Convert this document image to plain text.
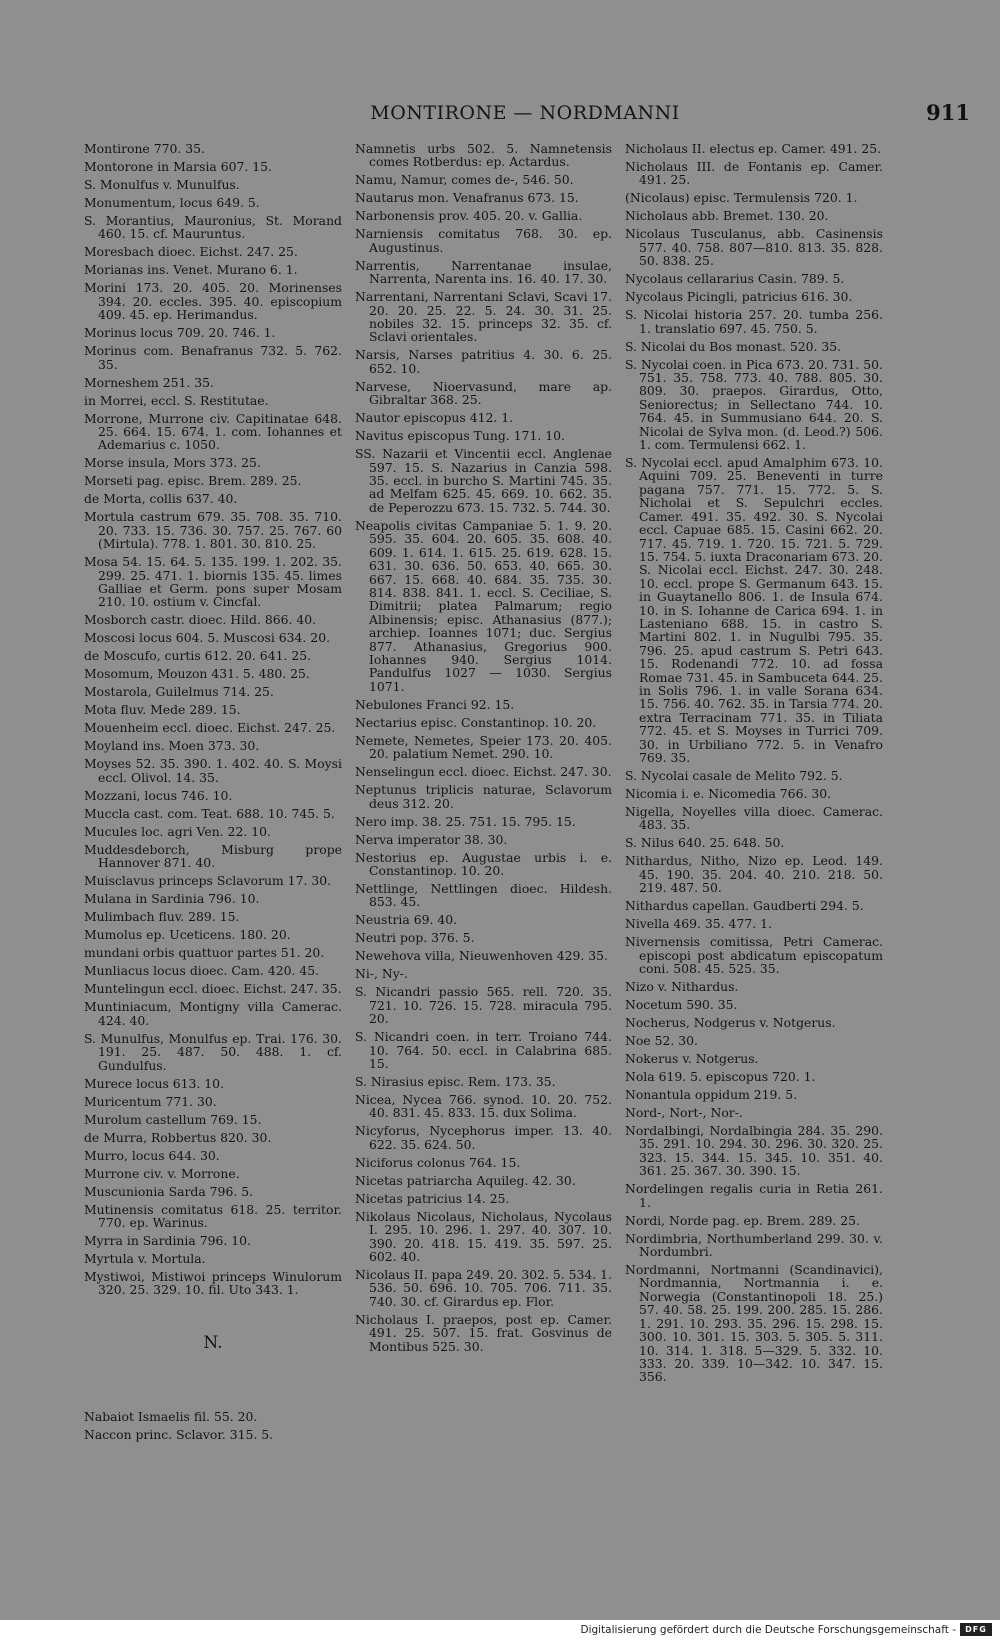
MONTIRONE — NORDMANNI	911
Montirone 770. 35.
Montorone in Marsia 607. 15.
S. Monulfus v. Munulfus.
Monumentum, locus 649. 5.
S. Morantius, Mauronius, St. Morand 460. 15. cf. Mauruntus.
Moresbach dioec. Eichst. 247. 25.
Morianas ins. Venet. Murano 6. 1.
Morini 173. 20. 405. 20. Morinenses 394. 20. eccles. 395. 40. episcopium 409. 45. ep. Herimandus.
Morinus locus 709. 20. 746. 1.
Morinus com. Benafranus 732. 5. 762. 35.
Morneshem 251. 35.
in Morrei, eccl. S. Restitutae.
Morrone, Murrone civ. Capitinatae 648. 25. 664. 15. 674. 1. com. Iohannes et Ademarius c. 1050.
Morse insula, Mors 373. 25.
Morseti pag. episc. Brem. 289. 25.
de Morta, collis 637. 40.
Mortula castrum 679. 35. 708. 35. 710. 20. 733. 15. 736. 30. 757. 25. 767. 60 (Mirtula). 778. 1. 801. 30. 810. 25.
Mosa 54. 15. 64. 5. 135. 199. 1. 202. 35. 299. 25. 471. 1. biornis 135. 45. limes Galliae et Germ. pons super Mosam 210. 10. ostium v. Cincfal.
Mosborch castr. dioec. Hild. 866. 40.
Moscosi locus 604. 5. Muscosi 634. 20.
de Moscufo, curtis 612. 20. 641. 25.
Mosomum, Mouzon 431. 5. 480. 25.
Mostarola, Guilelmus 714. 25.
Mota fluv. Mede 289. 15.
Mouenheim eccl. dioec. Eichst. 247. 25.
Moyland ins. Moen 373. 30.
Moyses 52. 35. 390. 1. 402. 40. S. Moysi eccl. Olivol. 14. 35.
Mozzani, locus 746. 10.
Muccla cast. com. Teat. 688. 10. 745. 5.
Mucules loc. agri Ven. 22. 10.
Muddesdeborch, Misburg prope Hannover 871. 40.
Muisclavus princeps Sclavorum 17. 30.
Mulana in Sardinia 796. 10.
Mulimbach fluv. 289. 15.
Mumolus ep. Uceticens. 180. 20.
mundani orbis quattuor partes 51. 20.
Munliacus locus dioec. Cam. 420. 45.
Muntelingun eccl. dioec. Eichst. 247. 35.
Muntiniacum, Montigny villa Camerac. 424. 40.
S. Munulfus, Monulfus ep. Trai. 176. 30. 191. 25. 487. 50. 488. 1. cf. Gundulfus.
Murece locus 613. 10.
Muricentum 771. 30.
Murolum castellum 769. 15.
de Murra, Robbertus 820. 30.
Murro, locus 644. 30.
Murrone civ. v. Morrone.
Muscunionia Sarda 796. 5.
Mutinensis comitatus 618. 25. territor. 770. ep. Warinus.
Myrra in Sardinia 796. 10.
Myrtula v. Mortula.
Mystiwoi, Mistiwoi princeps Winulorum 320. 25. 329. 10. fil. Uto 343. 1.
N.
Nabaiot Ismaelis fil. 55. 20.
Naccon princ. Sclavor. 315. 5.
Namnetis urbs 502. 5. Namnetensis comes Rotberdus: ep. Actardus.
Namu, Namur, comes de-, 546. 50.
Nautarus mon. Venafranus 673. 15.
Narbonensis prov. 405. 20. v. Gallia.
Narniensis comitatus 768. 30. ep. Augustinus.
Narrentis, Narrentanae insulae, Narrenta, Narenta ins. 16. 40. 17. 30.
Narrentani, Narrentani Sclavi, Scavi 17. 20. 20. 25. 22. 5. 24. 30. 31. 25. nobiles 32. 15. princeps 32. 35. cf. Sclavi orientales.
Narsis, Narses patritius 4. 30. 6. 25. 652. 10.
Narvese, Nioervasund, mare ap. Gibraltar 368. 25.
Nautor episcopus 412. 1.
Navitus episcopus Tung. 171. 10.
SS. Nazarii et Vincentii eccl. Anglenae 597. 15. S. Nazarius in Canzia 598. 35. eccl. in burcho S. Martini 745. 35. ad Melfam 625. 45. 669. 10. 662. 35. de Peperozzu 673. 15. 732. 5. 744. 30.
Neapolis civitas Campaniae 5. 1. 9. 20. 595. 35. 604. 20. 605. 35. 608. 40. 609. 1. 614. 1. 615. 25. 619. 628. 15. 631. 30. 636. 50. 653. 40. 665. 30. 667. 15. 668. 40. 684. 35. 735. 30. 814. 838. 841. 1. eccl. S. Ceciliae, S. Dimitrii; platea Palmarum; regio Albinensis; episc. Athanasius (877.); archiep. Ioannes 1071; duc. Sergius 877. Athanasius, Gregorius 900. Iohannes 940. Sergius 1014. Pandulfus 1027 — 1030. Sergius 1071.
Nebulones Franci 92. 15.
Nectarius episc. Constantinop. 10. 20.
Nemete, Nemetes, Speier 173. 20. 405. 20. palatium Nemet. 290. 10.
Nenselingun eccl. dioec. Eichst. 247. 30.
Neptunus triplicis naturae, Sclavorum deus 312. 20.
Nero imp. 38. 25. 751. 15. 795. 15.
Nerva imperator 38. 30.
Nestorius ep. Augustae urbis i. e. Constantinop. 10. 20.
Nettlinge, Nettlingen dioec. Hildesh. 853. 45.
Neustria 69. 40.
Neutri pop. 376. 5.
Newehova villa, Nieuwenhoven 429. 35.
Ni-, Ny-.
S. Nicandri passio 565. rell. 720. 35. 721. 10. 726. 15. 728. miracula 795. 20.
S. Nicandri coen. in terr. Troiano 744. 10. 764. 50. eccl. in Calabrina 685. 15.
S. Nirasius episc. Rem. 173. 35.
Nicea, Nycea 766. synod. 10. 20. 752. 40. 831. 45. 833. 15. dux Solima.
Nicyforus, Nycephorus imper. 13. 40. 622. 35. 624. 50.
Niciforus colonus 764. 15.
Nicetas patriarcha Aquileg. 42. 30.
Nicetas patricius 14. 25.
Nikolaus Nicolaus, Nicholaus, Nycolaus I. 295. 10. 296. 1. 297. 40. 307. 10. 390. 20. 418. 15. 419. 35. 597. 25. 602. 40.
Nicolaus II. papa 249. 20. 302. 5. 534. 1. 536. 50. 696. 10. 705. 706. 711. 35. 740. 30. cf. Girardus ep. Flor.
Nicholaus I. praepos, post ep. Camer. 491. 25. 507. 15. frat. Gosvinus de Montibus 525. 30.
Nicholaus II. electus ep. Camer. 491. 25.
Nicholaus III. de Fontanis ep. Camer. 491. 25.
(Nicolaus) episc. Termulensis 720. 1.
Nicholaus abb. Bremet. 130. 20.
Nicolaus Tusculanus, abb. Casinensis 577. 40. 758. 807—810. 813. 35. 828. 50. 838. 25.
Nycolaus cellararius Casin. 789. 5.
Nycolaus Picingli, patricius 616. 30.
S. Nicolai historia 257. 20. tumba 256. 1. translatio 697. 45. 750. 5.
S. Nicolai du Bos monast. 520. 35.
S. Nycolai coen. in Pica 673. 20. 731. 50. 751. 35. 758. 773. 40. 788. 805. 30. 809. 30. praepos. Girardus, Otto, Seniorectus; in Sellectano 744. 10. 764. 45. in Summusiano 644. 20. S. Nicolai de Sylva mon. (d. Leod.?) 506. 1. com. Termulensi 662. 1.
S. Nycolai eccl. apud Amalphim 673. 10. Aquini 709. 25. Beneventi in turre pagana 757. 771. 15. 772. 5. S. Nicholai et S. Sepulchri eccles. Camer. 491. 35. 492. 30. S. Nycolai eccl. Capuae 685. 15. Casini 662. 20. 717. 45. 719. 1. 720. 15. 721. 5. 729. 15. 754. 5. iuxta Draconariam 673. 20. S. Nicolai eccl. Eichst. 247. 30. 248. 10. eccl. prope S. Germanum 643. 15. in Guaytanello 806. 1. de Insula 674. 10. in S. Iohanne de Carica 694. 1. in Lasteniano 688. 15. in castro S. Martini 802. 1. in Nugulbi 795. 35. 796. 25. apud castrum S. Petri 643. 15. Rodenandi 772. 10. ad fossa Romae 731. 45. in Sambuceta 644. 25. in Solis 796. 1. in valle Sorana 634. 15. 756. 40. 762. 35. in Tarsia 774. 20. extra Terracinam 771. 35. in Tiliata 772. 45. et S. Moyses in Turrici 709. 30. in Urbiliano 772. 5. in Venafro 769. 35.
S. Nycolai casale de Melito 792. 5.
Nicomia i. e. Nicomedia 766. 30.
Nigella, Noyelles villa dioec. Camerac. 483. 35.
S. Nilus 640. 25. 648. 50.
Nithardus, Nitho, Nizo ep. Leod. 149. 45. 190. 35. 204. 40. 210. 218. 50. 219. 487. 50.
Nithardus capellan. Gaudberti 294. 5.
Nivella 469. 35. 477. 1.
Nivernensis comitissa, Petri Camerac. episcopi post abdicatum episcopatum coni. 508. 45. 525. 35.
Nizo v. Nithardus.
Nocetum 590. 35.
Nocherus, Nodgerus v. Notgerus.
Noe 52. 30.
Nokerus v. Notgerus.
Nola 619. 5. episcopus 720. 1.
Nonantula oppidum 219. 5.
Nord-, Nort-, Nor-.
Nordalbingi, Nordalbingia 284. 35. 290. 35. 291. 10. 294. 30. 296. 30. 320. 25. 323. 15. 344. 15. 345. 10. 351. 40. 361. 25. 367. 30. 390. 15.
Nordelingen regalis curia in Retia 261. 1.
Nordi, Norde pag. ep. Brem. 289. 25.
Nordimbria, Northumberland 299. 30. v. Nordumbri.
Nordmanni, Nortmanni (Scandinavici), Nordmannia, Nortmannia i. e. Norwegia (Constantinopoli 18. 25.) 57. 40. 58. 25. 199. 200. 285. 15. 286. 1. 291. 10. 293. 35. 296. 15. 298. 15. 300. 10. 301. 15. 303. 5. 305. 5. 311. 10. 314. 1. 318. 5—329. 5. 332. 10. 333. 20. 339. 10—342. 10. 347. 15. 356.
Digitalisierung gefördert durch die Deutsche Forschungsgemeinschaft -	DFG
